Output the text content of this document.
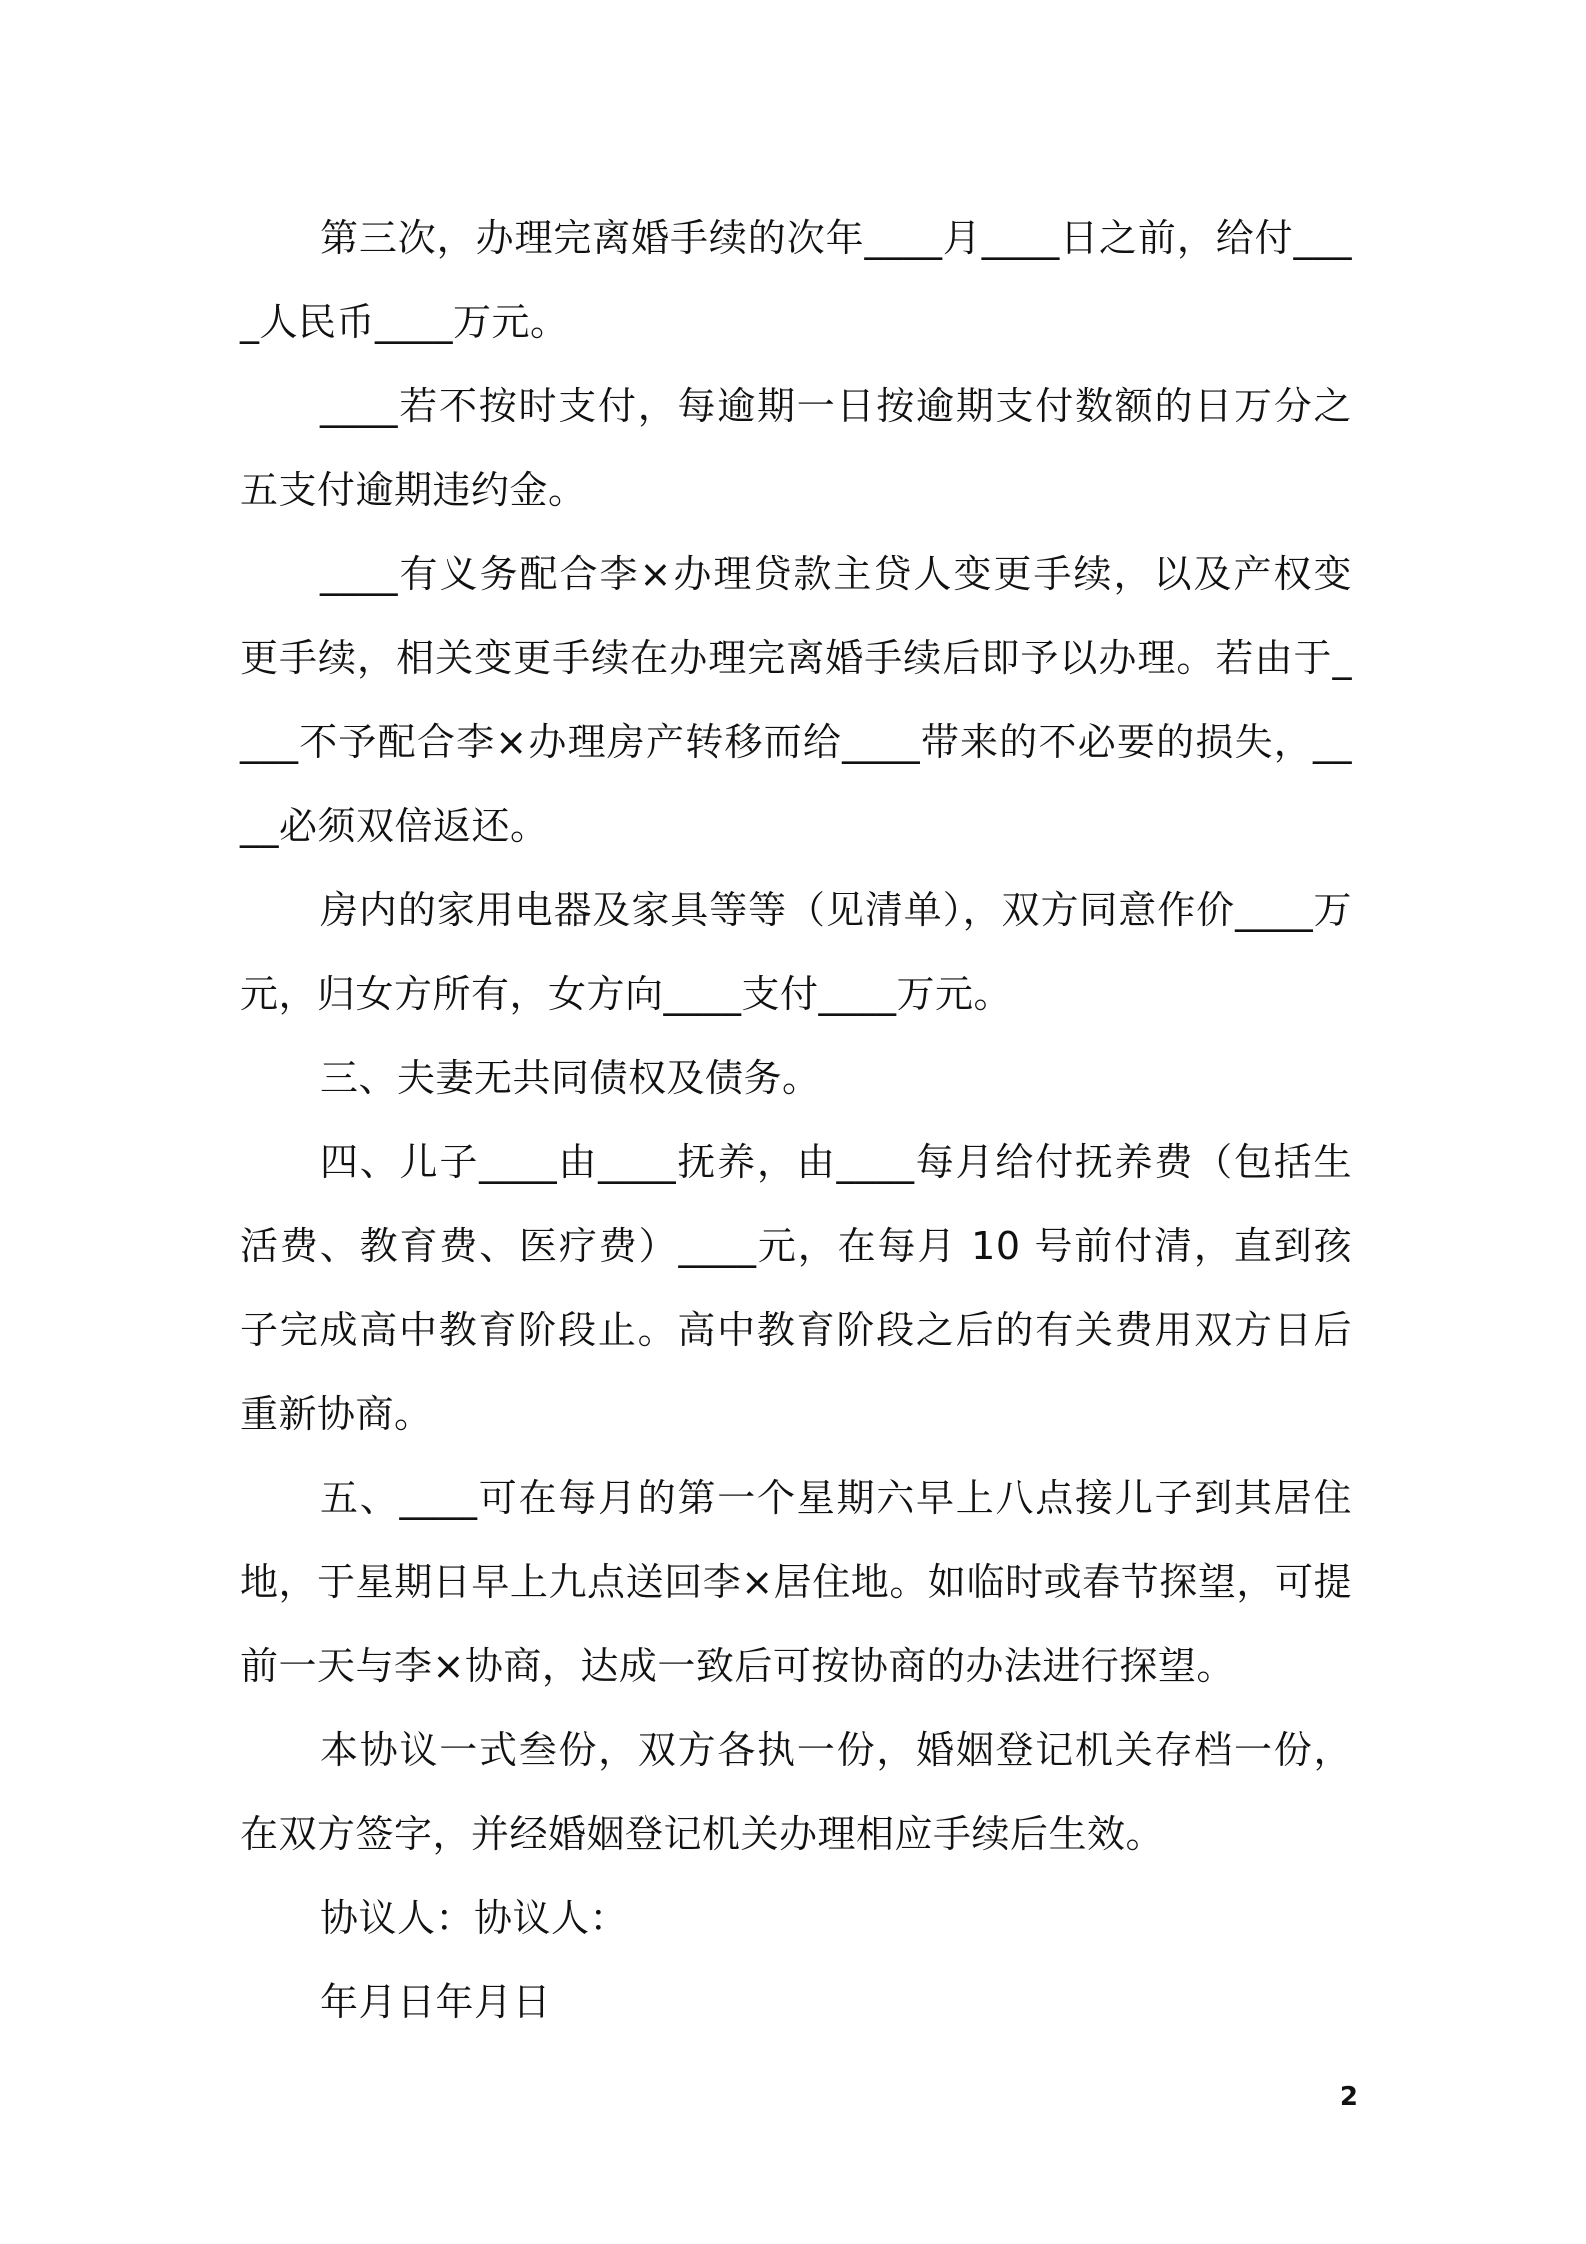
第三次，办理完离婚手续的次年____月____日之前，给付____人民币____万元。

____若不按时支付，每逾期一日按逾期支付数额的日万分之五支付逾期违约金。

____有义务配合李×办理贷款主贷人变更手续，以及产权变更手续，相关变更手续在办理完离婚手续后即予以办理。若由于____不予配合李×办理房产转移而给____带来的不必要的损失，____必须双倍返还。

房内的家用电器及家具等等（见清单），双方同意作价____万元，归女方所有，女方向____支付____万元。

三、夫妻无共同债权及债务。

四、儿子____由____抚养，由____每月给付抚养费（包括生活费、教育费、医疗费）____元，在每月 10 号前付清，直到孩子完成高中教育阶段止。高中教育阶段之后的有关费用双方日后重新协商。

五、____可在每月的第一个星期六早上八点接儿子到其居住地，于星期日早上九点送回李×居住地。如临时或春节探望，可提前一天与李×协商，达成一致后可按协商的办法进行探望。

本协议一式叁份，双方各执一份，婚姻登记机关存档一份，在双方签字，并经婚姻登记机关办理相应手续后生效。

协议人：协议人：

年月日年月日

2
